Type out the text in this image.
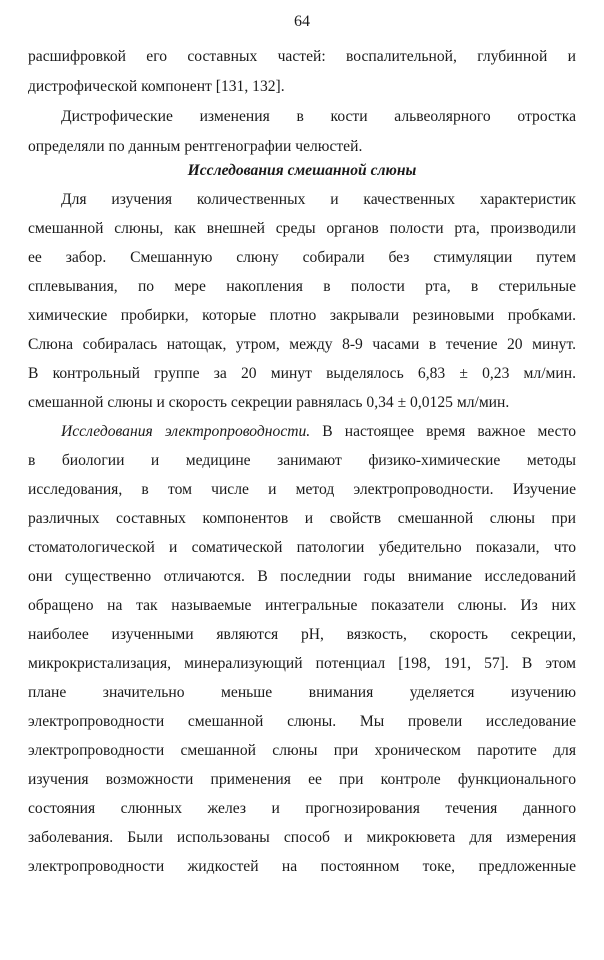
64
расшифровкой его составных частей: воспалительной, глубинной и
дистрофической компонент [131, 132].
Дистрофические изменения в кости альвеолярного отростка
определяли по данным рентгенографии челюстей.
Исследования смешанной слюны
Для изучения количественных и качественных характеристик
смешанной слюны, как внешней среды органов полости рта, производили
ее забор. Смешанную слюну собирали без стимуляции путем
сплевывания, по мере накопления в полости рта, в стерильные
химические пробирки, которые плотно закрывали резиновыми пробками.
Слюна собиралась натощак, утром, между 8-9 часами в течение 20 минут.
В контрольный группе за 20 минут выделялось 6,83 ± 0,23 мл/мин.
смешанной слюны и скорость секреции равнялась 0,34 ± 0,0125 мл/мин.
Исследования электропроводности. В настоящее время важное место
в биологии и медицине занимают физико-химические методы
исследования, в том числе и метод электропроводности. Изучение
различных составных компонентов и свойств смешанной слюны при
стоматологической и соматической патологии убедительно показали, что
они существенно отличаются. В последнии годы внимание исследований
обращено на так называемые интегральные показатели слюны. Из них
наиболее изученными являются рН, вязкость, скорость секреции,
микрокристализация, минерализующий потенциал [198, 191, 57]. В этом
плане значительно меньше внимания уделяется изучению
электропроводности смешанной слюны. Мы провели исследование
электропроводности смешанной слюны при хроническом паротите для
изучения возможности применения ее при контроле функционального
состояния слюнных желез и прогнозирования течения данного
заболевания. Были использованы способ и микрокювета для измерения
электропроводности жидкостей на постоянном токе, предложенные
